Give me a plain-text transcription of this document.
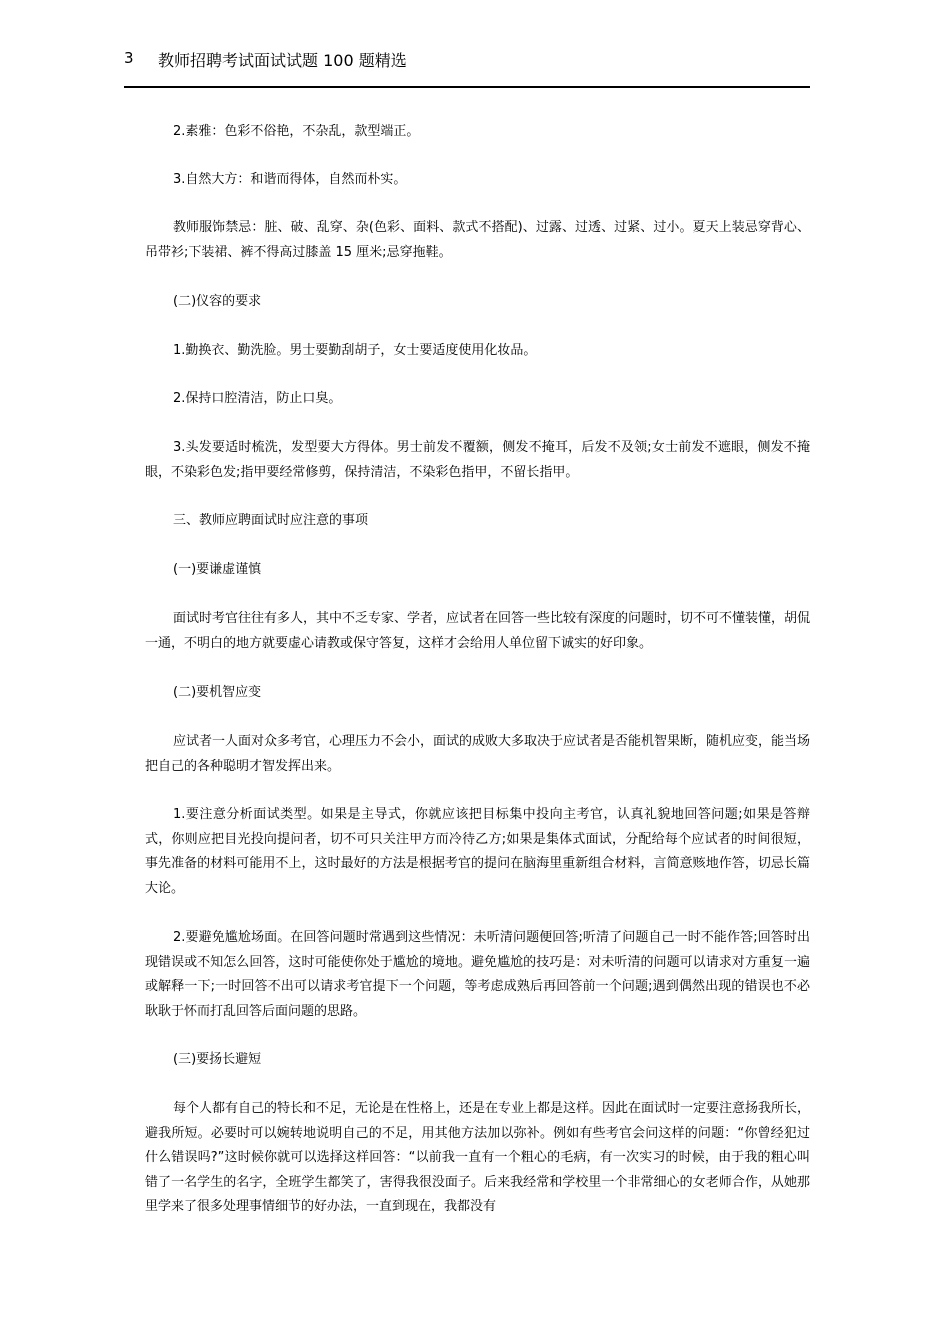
3 教师招聘考试面试试题 100 题精选

2.素雅：色彩不俗艳，不杂乱，款型端正。

3.自然大方：和谐而得体，自然而朴实。

教师服饰禁忌：脏、破、乱穿、杂(色彩、面料、款式不搭配)、过露、过透、过紧、过小。夏天上装忌穿背心、吊带衫;下装裙、裤不得高过膝盖 15 厘米;忌穿拖鞋。

(二)仪容的要求

1.勤换衣、勤洗脸。男士要勤刮胡子，女士要适度使用化妆品。

2.保持口腔清洁，防止口臭。

3.头发要适时梳洗，发型要大方得体。男士前发不覆额，侧发不掩耳，后发不及领;女士前发不遮眼，侧发不掩眼，不染彩色发;指甲要经常修剪，保持清洁，不染彩色指甲，不留长指甲。

三、教师应聘面试时应注意的事项

(一)要谦虚谨慎

面试时考官往往有多人，其中不乏专家、学者，应试者在回答一些比较有深度的问题时，切不可不懂装懂，胡侃一通，不明白的地方就要虚心请教或保守答复，这样才会给用人单位留下诚实的好印象。

(二)要机智应变

应试者一人面对众多考官，心理压力不会小，面试的成败大多取决于应试者是否能机智果断，随机应变，能当场把自己的各种聪明才智发挥出来。

1.要注意分析面试类型。如果是主导式，你就应该把目标集中投向主考官，认真礼貌地回答问题;如果是答辩式，你则应把目光投向提问者，切不可只关注甲方而冷待乙方;如果是集体式面试，分配给每个应试者的时间很短，事先准备的材料可能用不上，这时最好的方法是根据考官的提问在脑海里重新组合材料，言简意赅地作答，切忌长篇大论。

2.要避免尴尬场面。在回答问题时常遇到这些情况：未听清问题便回答;听清了问题自己一时不能作答;回答时出现错误或不知怎么回答，这时可能使你处于尴尬的境地。避免尴尬的技巧是：对未听清的问题可以请求对方重复一遍或解释一下;一时回答不出可以请求考官提下一个问题，等考虑成熟后再回答前一个问题;遇到偶然出现的错误也不必耿耿于怀而打乱回答后面问题的思路。

(三)要扬长避短

每个人都有自己的特长和不足，无论是在性格上，还是在专业上都是这样。因此在面试时一定要注意扬我所长，避我所短。必要时可以婉转地说明自己的不足，用其他方法加以弥补。例如有些考官会问这样的问题：“你曾经犯过什么错误吗?”这时候你就可以选择这样回答：“以前我一直有一个粗心的毛病，有一次实习的时候，由于我的粗心叫错了一名学生的名字，全班学生都笑了，害得我很没面子。后来我经常和学校里一个非常细心的女老师合作，从她那里学来了很多处理事情细节的好办法，一直到现在，我都没有
